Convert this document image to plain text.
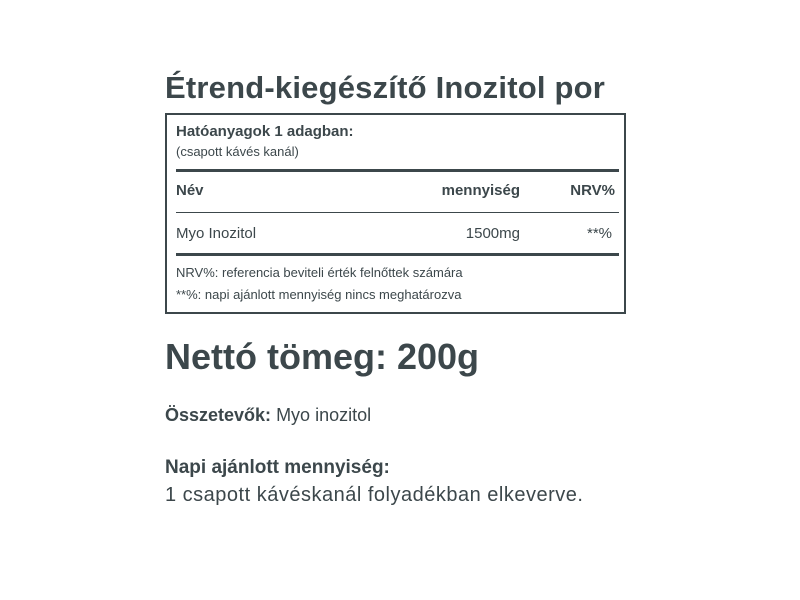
Étrend-kiegészítő Inozitol por
Hatóanyagok 1 adagban:
(csapott kávés kanál)
Név	mennyiség	NRV%
Myo Inozitol	1500mg	**%
NRV%: referencia beviteli érték felnőttek számára
**%: napi ajánlott mennyiség nincs meghatározva
Nettó tömeg: 200g
Összetevők: Myo inozitol
Napi ajánlott mennyiség:
1 csapott kávéskanál folyadékban elkeverve.
